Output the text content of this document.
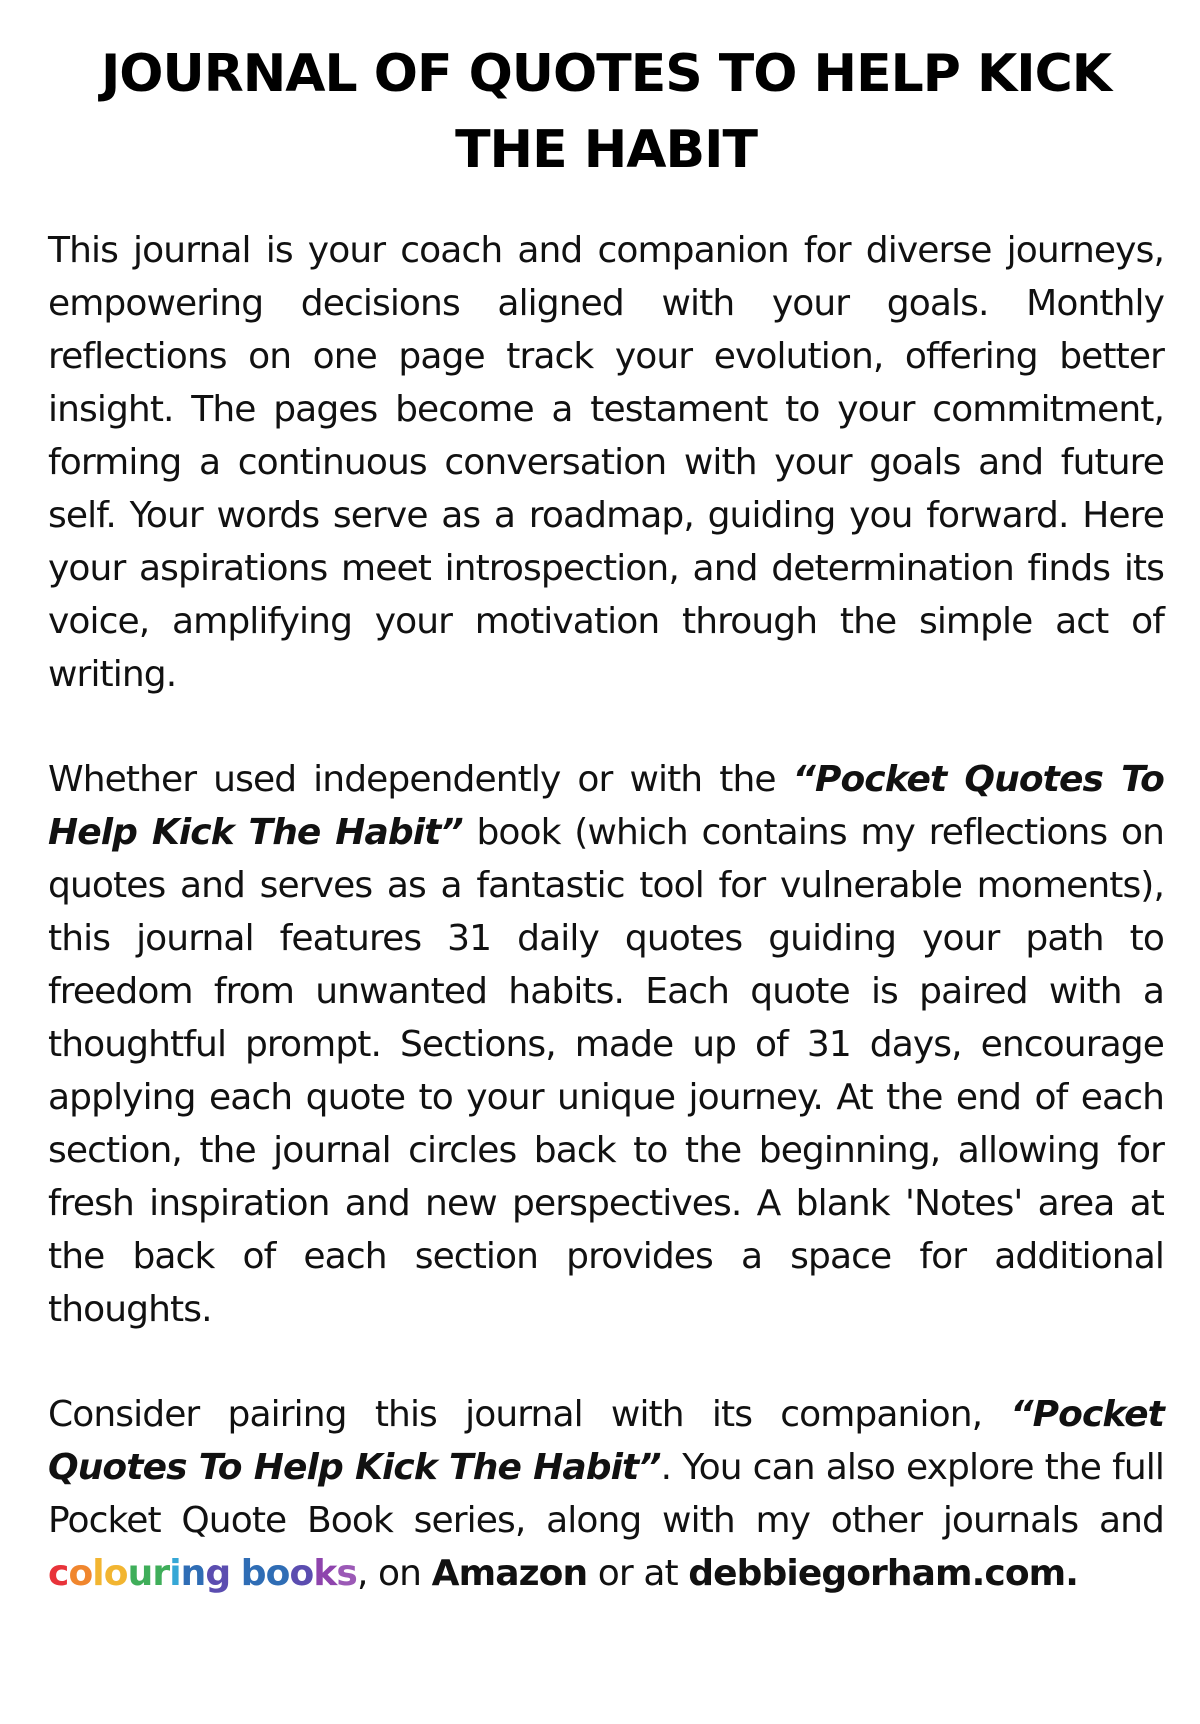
JOURNAL OF QUOTES TO HELP KICK THE HABIT

This journal is your coach and companion for diverse journeys, empowering decisions aligned with your goals. Monthly reflections on one page track your evolution, offering better insight. The pages become a testament to your commitment, forming a continuous conversation with your goals and future self. Your words serve as a roadmap, guiding you forward. Here your aspirations meet introspection, and determination finds its voice, amplifying your motivation through the simple act of writing.

Whether used independently or with the “Pocket Quotes To Help Kick The Habit” book (which contains my reflections on quotes and serves as a fantastic tool for vulnerable moments), this journal features 31 daily quotes guiding your path to freedom from unwanted habits. Each quote is paired with a thoughtful prompt. Sections, made up of 31 days, encourage applying each quote to your unique journey. At the end of each section, the journal circles back to the beginning, allowing for fresh inspiration and new perspectives. A blank 'Notes' area at the back of each section provides a space for additional thoughts.

Consider pairing this journal with its companion, “Pocket Quotes To Help Kick The Habit”. You can also explore the full Pocket Quote Book series, along with my other journals and colouring books, on Amazon or at debbiegorham.com.
